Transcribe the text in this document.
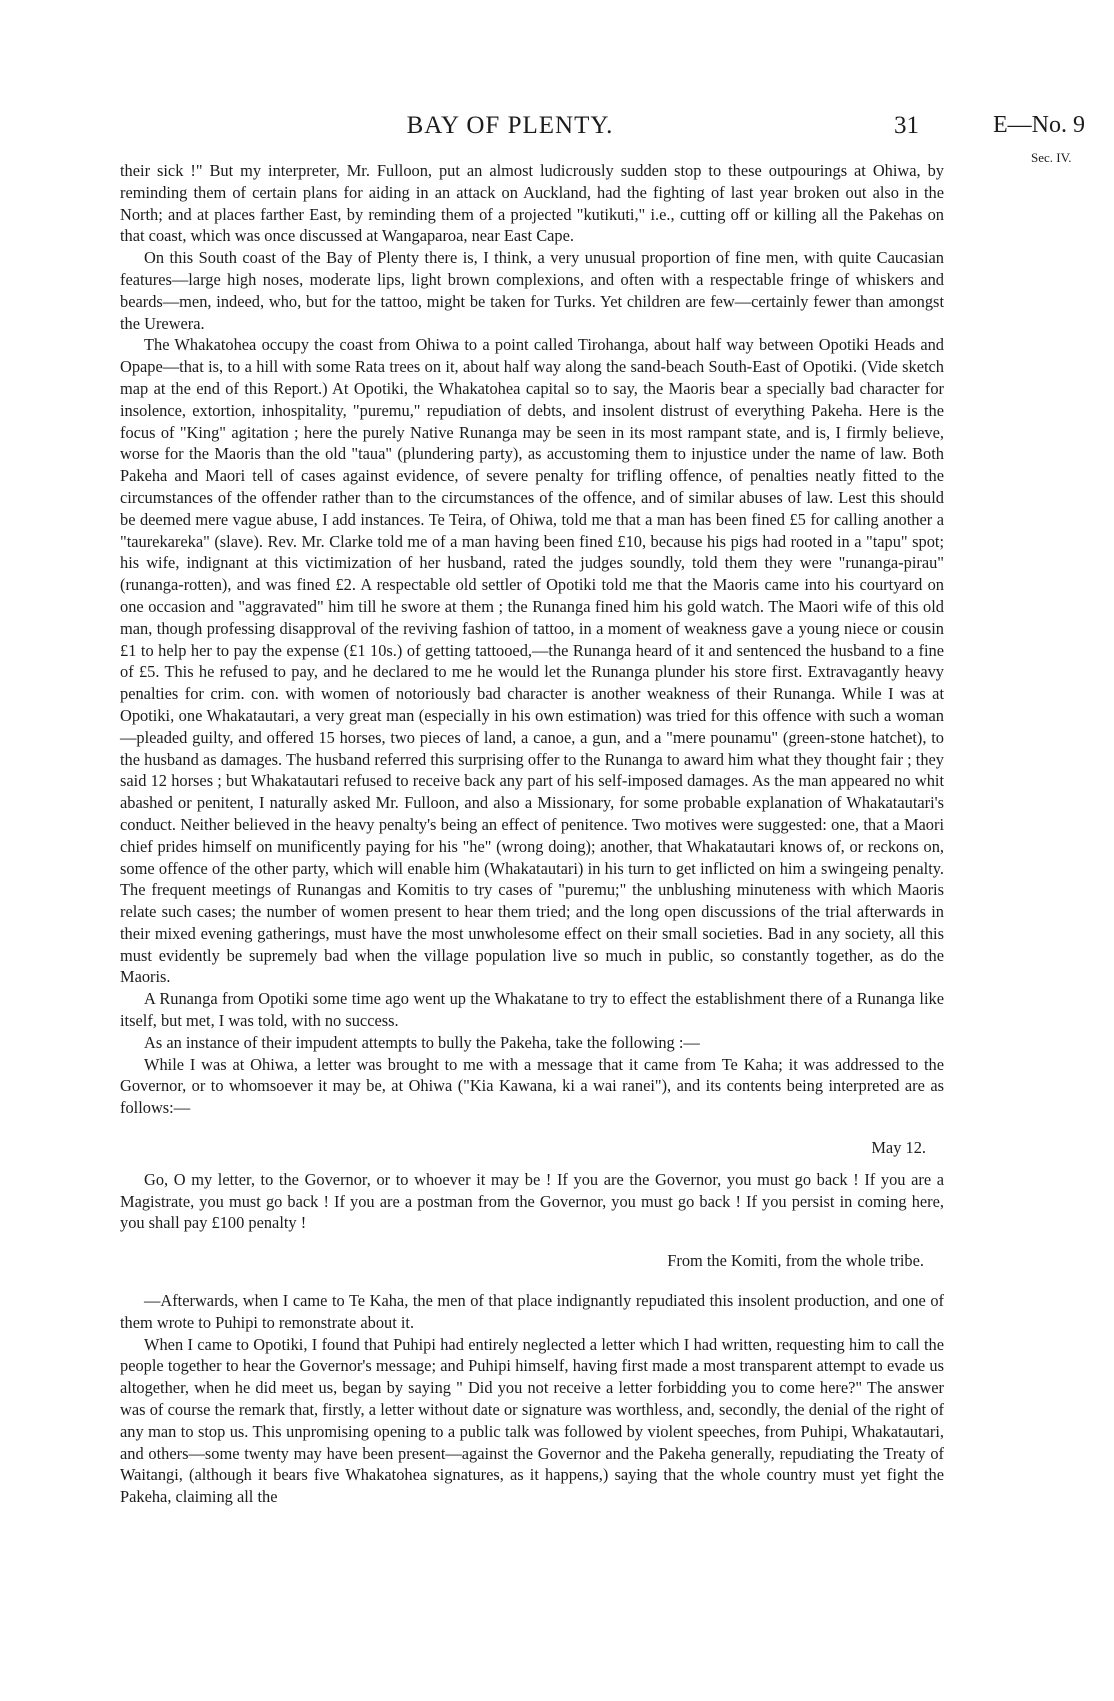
BAY OF PLENTY.	31	E—No. 9
Sec. IV.

their sick !" But my interpreter, Mr. Fulloon, put an almost ludicrously sudden stop to these outpourings at Ohiwa, by reminding them of certain plans for aiding in an attack on Auckland, had the fighting of last year broken out also in the North; and at places farther East, by reminding them of a projected "kutikuti," i.e., cutting off or killing all the Pakehas on that coast, which was once discussed at Wangaparoa, near East Cape.

On this South coast of the Bay of Plenty there is, I think, a very unusual proportion of fine men, with quite Caucasian features—large high noses, moderate lips, light brown complexions, and often with a respectable fringe of whiskers and beards—men, indeed, who, but for the tattoo, might be taken for Turks. Yet children are few—certainly fewer than amongst the Urewera.

The Whakatohea occupy the coast from Ohiwa to a point called Tirohanga, about half way between Opotiki Heads and Opape—that is, to a hill with some Rata trees on it, about half way along the sand-beach South-East of Opotiki. (Vide sketch map at the end of this Report.) At Opotiki, the Whakatohea capital so to say, the Maoris bear a specially bad character for insolence, extortion, inhospitality, "puremu," repudiation of debts, and insolent distrust of everything Pakeha. Here is the focus of "King" agitation ; here the purely Native Runanga may be seen in its most rampant state, and is, I firmly believe, worse for the Maoris than the old "taua" (plundering party), as accustoming them to injustice under the name of law. Both Pakeha and Maori tell of cases against evidence, of severe penalty for trifling offence, of penalties neatly fitted to the circumstances of the offender rather than to the circumstances of the offence, and of similar abuses of law. Lest this should be deemed mere vague abuse, I add instances. Te Teira, of Ohiwa, told me that a man has been fined £5 for calling another a "taurekareka" (slave). Rev. Mr. Clarke told me of a man having been fined £10, because his pigs had rooted in a "tapu" spot; his wife, indignant at this victimization of her husband, rated the judges soundly, told them they were "runanga-pirau" (runanga-rotten), and was fined £2. A respectable old settler of Opotiki told me that the Maoris came into his courtyard on one occasion and "aggravated" him till he swore at them ; the Runanga fined him his gold watch. The Maori wife of this old man, though professing disapproval of the reviving fashion of tattoo, in a moment of weakness gave a young niece or cousin £1 to help her to pay the expense (£1 10s.) of getting tattooed,—the Runanga heard of it and sentenced the husband to a fine of £5. This he refused to pay, and he declared to me he would let the Runanga plunder his store first. Extravagantly heavy penalties for crim. con. with women of notoriously bad character is another weakness of their Runanga. While I was at Opotiki, one Whakatautari, a very great man (especially in his own estimation) was tried for this offence with such a woman—pleaded guilty, and offered 15 horses, two pieces of land, a canoe, a gun, and a "mere pounamu" (green-stone hatchet), to the husband as damages. The husband referred this surprising offer to the Runanga to award him what they thought fair ; they said 12 horses ; but Whakatautari refused to receive back any part of his self-imposed damages. As the man appeared no whit abashed or penitent, I naturally asked Mr. Fulloon, and also a Missionary, for some probable explanation of Whakatautari's conduct. Neither believed in the heavy penalty's being an effect of penitence. Two motives were suggested: one, that a Maori chief prides himself on munificently paying for his "he" (wrong doing); another, that Whakatautari knows of, or reckons on, some offence of the other party, which will enable him (Whakatautari) in his turn to get inflicted on him a swingeing penalty. The frequent meetings of Runangas and Komitis to try cases of "puremu;" the unblushing minuteness with which Maoris relate such cases; the number of women present to hear them tried; and the long open discussions of the trial afterwards in their mixed evening gatherings, must have the most unwholesome effect on their small societies. Bad in any society, all this must evidently be supremely bad when the village population live so much in public, so constantly together, as do the Maoris.

A Runanga from Opotiki some time ago went up the Whakatane to try to effect the establishment there of a Runanga like itself, but met, I was told, with no success.

As an instance of their impudent attempts to bully the Pakeha, take the following :—

While I was at Ohiwa, a letter was brought to me with a message that it came from Te Kaha; it was addressed to the Governor, or to whomsoever it may be, at Ohiwa ("Kia Kawana, ki a wai ranei"), and its contents being interpreted are as follows:—

May 12.

Go, O my letter, to the Governor, or to whoever it may be ! If you are the Governor, you must go back ! If you are a Magistrate, you must go back ! If you are a postman from the Governor, you must go back ! If you persist in coming here, you shall pay £100 penalty !

From the Komiti, from the whole tribe.

—Afterwards, when I came to Te Kaha, the men of that place indignantly repudiated this insolent production, and one of them wrote to Puhipi to remonstrate about it.

When I came to Opotiki, I found that Puhipi had entirely neglected a letter which I had written, requesting him to call the people together to hear the Governor's message; and Puhipi himself, having first made a most transparent attempt to evade us altogether, when he did meet us, began by saying " Did you not receive a letter forbidding you to come here?" The answer was of course the remark that, firstly, a letter without date or signature was worthless, and, secondly, the denial of the right of any man to stop us. This unpromising opening to a public talk was followed by violent speeches, from Puhipi, Whakatautari, and others—some twenty may have been present—against the Governor and the Pakeha generally, repudiating the Treaty of Waitangi, (although it bears five Whakatohea signatures, as it happens,) saying that the whole country must yet fight the Pakeha, claiming all the
